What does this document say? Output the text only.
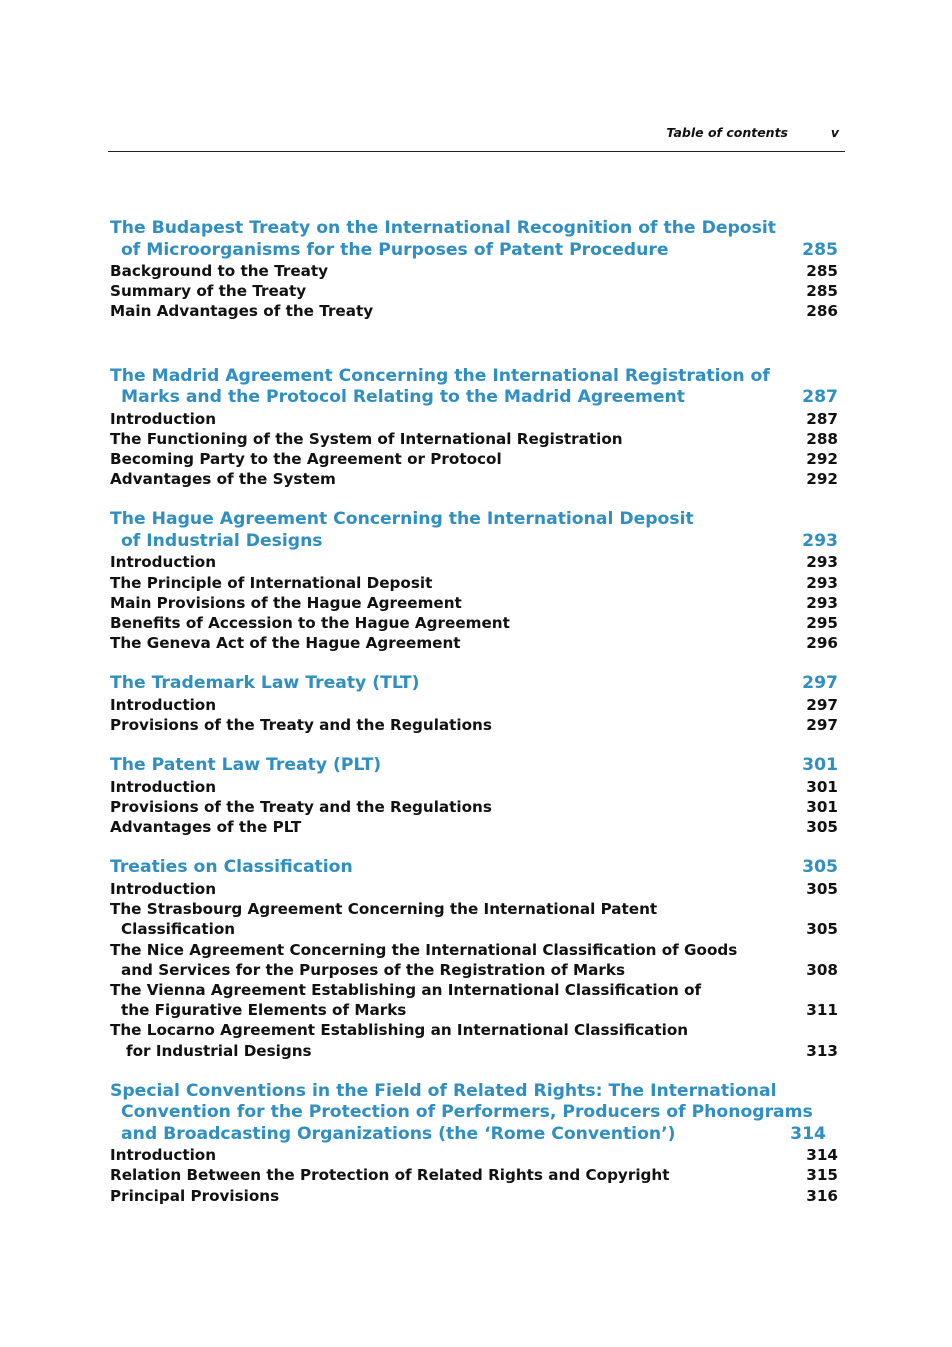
Table of contents	v
The Budapest Treaty on the International Recognition of the Deposit
of Microorganisms for the Purposes of Patent Procedure	285
Background to the Treaty	285
Summary of the Treaty	285
Main Advantages of the Treaty	286
The Madrid Agreement Concerning the International Registration of
Marks and the Protocol Relating to the Madrid Agreement	287
Introduction	287
The Functioning of the System of International Registration	288
Becoming Party to the Agreement or Protocol	292
Advantages of the System	292
The Hague Agreement Concerning the International Deposit
of Industrial Designs	293
Introduction	293
The Principle of International Deposit	293
Main Provisions of the Hague Agreement	293
Benefits of Accession to the Hague Agreement	295
The Geneva Act of the Hague Agreement	296
The Trademark Law Treaty (TLT)	297
Introduction	297
Provisions of the Treaty and the Regulations	297
The Patent Law Treaty (PLT)	301
Introduction	301
Provisions of the Treaty and the Regulations	301
Advantages of the PLT	305
Treaties on Classification	305
Introduction	305
The Strasbourg Agreement Concerning the International Patent
Classification	305
The Nice Agreement Concerning the International Classification of Goods
and Services for the Purposes of the Registration of Marks	308
The Vienna Agreement Establishing an International Classification of
the Figurative Elements of Marks	311
The Locarno Agreement Establishing an International Classification
for Industrial Designs	313
Special Conventions in the Field of Related Rights: The International
Convention for the Protection of Performers, Producers of Phonograms
and Broadcasting Organizations (the ‘Rome Convention’)	314
Introduction	314
Relation Between the Protection of Related Rights and Copyright	315
Principal Provisions	316
